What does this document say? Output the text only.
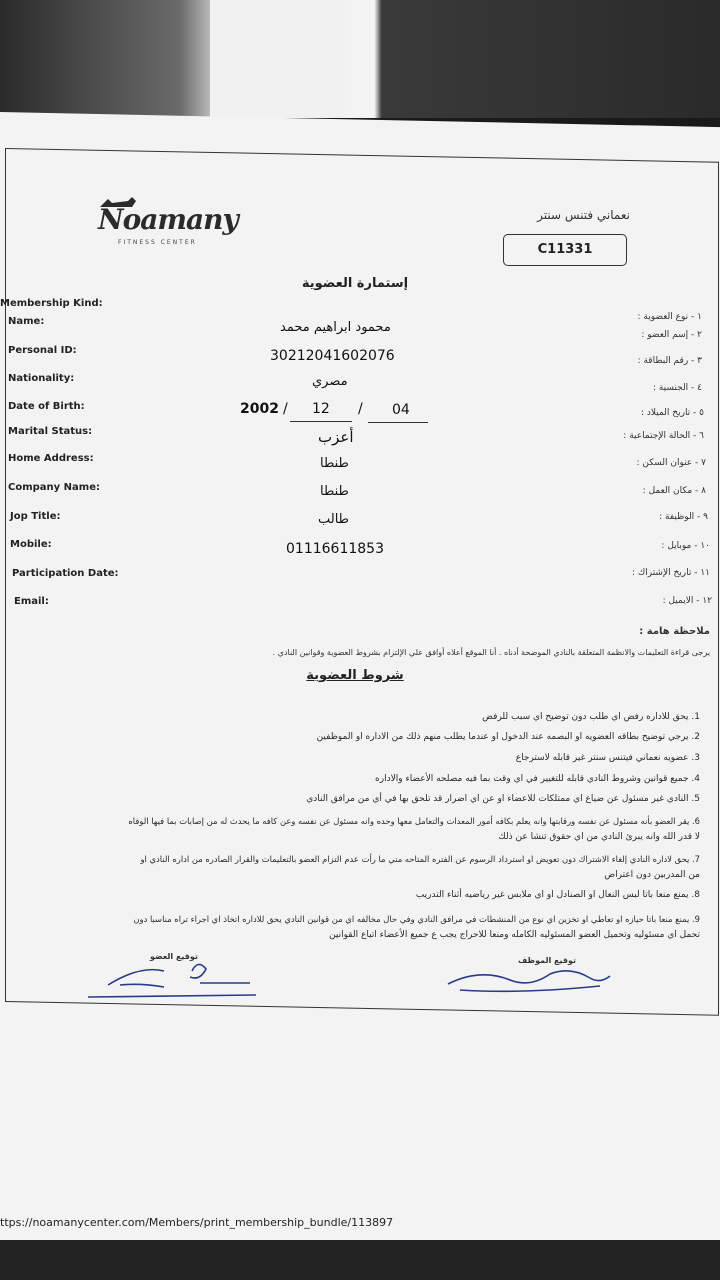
Noamany
FITNESS CENTER
نعماني فتنس سنتر
C11331
إستمارة العضوية
Membership Kind:
Name:
Personal ID:
Nationality:
Date of Birth:
Marital Status:
Home Address:
Company Name:
Jop Title:
Mobile:
Participation Date:
Email:
١ - نوع العضوية :
٢ - إسم العضو :
٣ - رقم البطاقة :
٤ - الجنسية :
٥ - تاريخ الميلاد :
٦ - الحالة الإجتماعية :
٧ - عنوان السكن :
٨ - مكان العمل :
٩ - الوظيفة :
١٠ - موبايل :
١١ - تاريخ الإشتراك :
١٢ - الايميل :
محمود ابراهيم محمد
30212041602076
مصري
2002 / 12 / 04
أعزب
طنطا
طنطا
طالب
01116611853
ملاحظة هامة :
يرجى قراءة التعليمات والانظمة المتعلقة بالنادي الموضحة أدناه . أنا الموقع أعلاه أوافق علي الإلتزام بشروط العضوية وقوانين النادي .
شروط العضوية
1. يحق للاداره رفض اي طلب دون توضيح اي سبب للرفض
2. يرجي توضيح بطاقه العضويه او البصمه عند الدخول او عندما يطلب منهم ذلك من الاداره او الموظفين
3. عضويه نعماني فيتنس سنتر غير قابله لاسترجاع
4. جميع قوانين وشروط النادي قابله للتغيير في اي وقت بما فيه مصلحه الأعضاء والاداره
5. النادي غير مسئول عن ضياع اي ممتلكات للاعضاء او عن اي اضرار قد تلحق بها في أي من مرافق النادي
6. يقر العضو بأنه مسئول عن نفسه ورقابتها وانه يعلم بكافه أمور المعدات والتعامل معها وحده وانه مسئول عن نفسه وعن كافه ما يحدث له من إصابات بما فيها الوفاه
لا قدر الله وانه يبرئ النادي من اي حقوق تنشا عن ذلك
7. يحق لاداره النادي إلغاء الاشتراك دون تعويض او استرداد الرسوم عن الفتره المتاحه متي ما رأت عدم التزام العضو بالتعليمات والقرار الصادره من اداره النادي او
من المدربين دون اعتراض
8. يمنع منعا باتا لبس النعال او الصنادل او اي ملابس غير رياضيه أثناء التدريب
9. يمنع منعا باتا حيازه او تعاطي او تخزين اي نوع من المنشطات في مرافق النادي وفي حال مخالفه اي من قوانين النادي يحق للاداره اتخاذ اي اجراء تراه مناسبا دون
تحمل اي مسئوليه وتحميل العضو المسئوليه الكامله ومنعا للاحراج يجب ع جميع الأعضاء اتباع القوانين
توقيع العضو	توقيع الموظف
ttps://noamanycenter.com/Members/print_membership_bundle/113897
